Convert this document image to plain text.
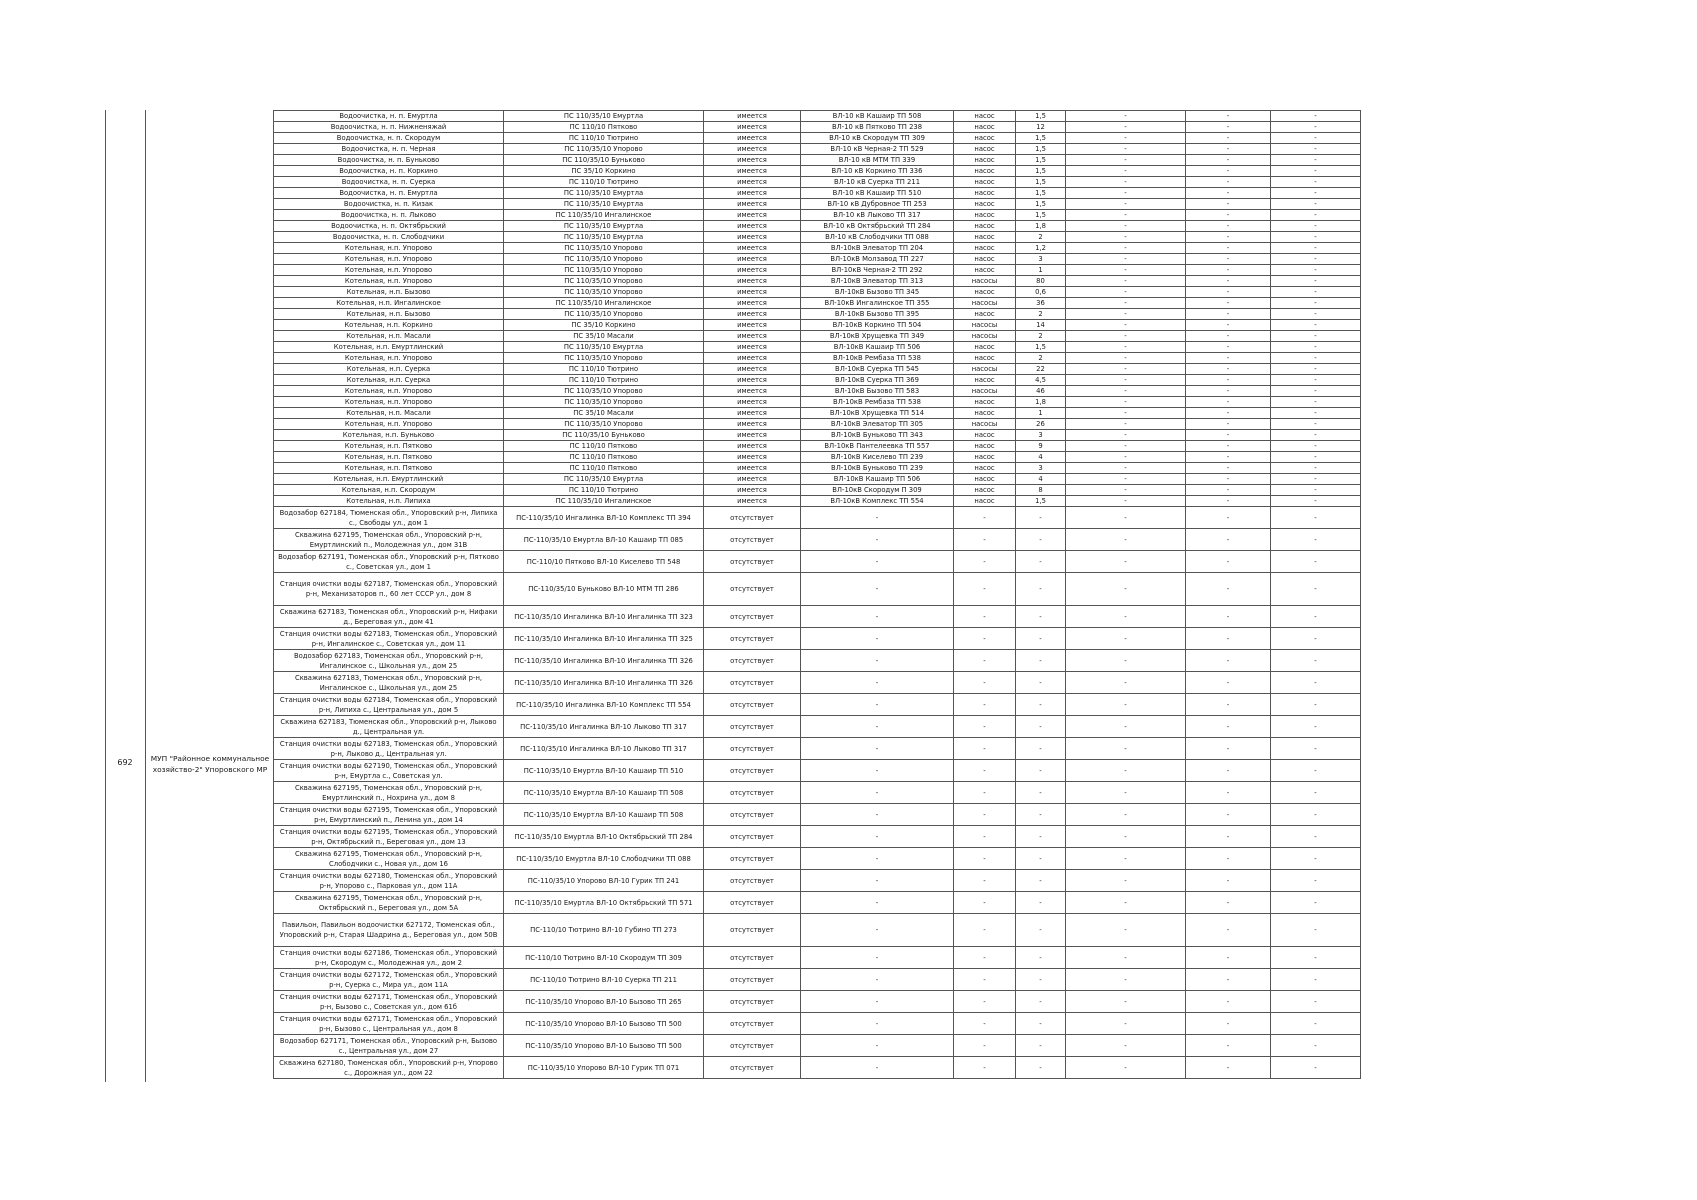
692	МУП "Районное коммунальное хозяйство-2" Упоровского МР
Водоочистка, н. п. Емуртла	ПС 110/35/10 Емуртла	имеется	ВЛ-10 кВ Кашаир ТП 508	насос	1,5	-	-	-
Водоочистка, н. п. Нижненяжай	ПС 110/10 Пятково	имеется	ВЛ-10 кВ Пятково ТП 238	насос	12	-	-	-
Водоочистка, н. п. Скородум	ПС 110/10 Тютрино	имеется	ВЛ-10 кВ Скородум ТП 309	насос	1,5	-	-	-
Водоочистка, н. п. Черная	ПС 110/35/10 Упорово	имеется	ВЛ-10 кВ Черная-2 ТП 529	насос	1,5	-	-	-
Водоочистка, н. п. Буньково	ПС 110/35/10 Буньково	имеется	ВЛ-10 кВ МТМ ТП 339	насос	1,5	-	-	-
Водоочистка, н. п. Коркино	ПС 35/10 Коркино	имеется	ВЛ-10 кВ Коркино ТП 336	насос	1,5	-	-	-
Водоочистка, н. п. Суерка	ПС 110/10 Тютрино	имеется	ВЛ-10 кВ Суерка ТП 211	насос	1,5	-	-	-
Водоочистка, н. п. Емуртла	ПС 110/35/10 Емуртла	имеется	ВЛ-10 кВ Кашаир ТП 510	насос	1,5	-	-	-
Водоочистка, н. п. Кизак	ПС 110/35/10 Емуртла	имеется	ВЛ-10 кВ Дубровное ТП 253	насос	1,5	-	-	-
Водоочистка, н. п. Лыково	ПС 110/35/10 Ингалинское	имеется	ВЛ-10 кВ Лыково ТП 317	насос	1,5	-	-	-
Водоочистка, н. п. Октябрьский	ПС 110/35/10 Емуртла	имеется	ВЛ-10 кВ Октябрьский ТП 284	насос	1,8	-	-	-
Водоочистка, н. п. Слободчики	ПС 110/35/10 Емуртла	имеется	ВЛ-10 кВ Слободчики ТП 088	насос	2	-	-	-
Котельная, н.п. Упорово	ПС 110/35/10 Упорово	имеется	ВЛ-10кВ Элеватор ТП 204	насос	1,2	-	-	-
Котельная, н.п. Упорово	ПС 110/35/10 Упорово	имеется	ВЛ-10кВ Молзавод ТП 227	насос	3	-	-	-
Котельная, н.п. Упорово	ПС 110/35/10 Упорово	имеется	ВЛ-10кВ Черная-2 ТП 292	насос	1	-	-	-
Котельная, н.п. Упорово	ПС 110/35/10 Упорово	имеется	ВЛ-10кВ Элеватор ТП 313	насосы	80	-	-	-
Котельная, н.п. Бызово	ПС 110/35/10 Упорово	имеется	ВЛ-10кВ Бызово ТП 345	насос	0,6	-	-	-
Котельная, н.п. Ингалинское	ПС 110/35/10 Ингалинское	имеется	ВЛ-10кВ Ингалинское ТП 355	насосы	36	-	-	-
Котельная, н.п. Бызово	ПС 110/35/10 Упорово	имеется	ВЛ-10кВ Бызово ТП 395	насос	2	-	-	-
Котельная, н.п. Коркино	ПС 35/10 Коркино	имеется	ВЛ-10кВ Коркино ТП 504	насосы	14	-	-	-
Котельная, н.п. Масали	ПС 35/10 Масали	имеется	ВЛ-10кВ Хрущевка ТП 349	насосы	2	-	-	-
Котельная, н.п. Емуртлинский	ПС 110/35/10 Емуртла	имеется	ВЛ-10кВ Кашаир ТП 506	насос	1,5	-	-	-
Котельная, н.п. Упорово	ПС 110/35/10 Упорово	имеется	ВЛ-10кВ Рембаза ТП 538	насос	2	-	-	-
Котельная, н.п. Суерка	ПС 110/10 Тютрино	имеется	ВЛ-10кВ Суерка ТП 545	насосы	22	-	-	-
Котельная, н.п. Суерка	ПС 110/10 Тютрино	имеется	ВЛ-10кВ Суерка ТП 369	насос	4,5	-	-	-
Котельная, н.п. Упорово	ПС 110/35/10 Упорово	имеется	ВЛ-10кВ Бызово ТП 583	насосы	46	-	-	-
Котельная, н.п. Упорово	ПС 110/35/10 Упорово	имеется	ВЛ-10кВ Рембаза ТП 538	насос	1,8	-	-	-
Котельная, н.п. Масали	ПС 35/10 Масали	имеется	ВЛ-10кВ Хрущевка ТП 514	насос	1	-	-	-
Котельная, н.п. Упорово	ПС 110/35/10 Упорово	имеется	ВЛ-10кВ Элеватор ТП 305	насосы	26	-	-	-
Котельная, н.п. Буньково	ПС 110/35/10 Буньково	имеется	ВЛ-10кВ Буньково ТП 343	насос	3	-	-	-
Котельная, н.п. Пятково	ПС 110/10 Пятково	имеется	ВЛ-10кВ Пантелеевка ТП 557	насос	9	-	-	-
Котельная, н.п. Пятково	ПС 110/10 Пятково	имеется	ВЛ-10кВ Киселево ТП 239	насос	4	-	-	-
Котельная, н.п. Пятково	ПС 110/10 Пятково	имеется	ВЛ-10кВ Буньково ТП 239	насос	3	-	-	-
Котельная, н.п. Емуртлинский	ПС 110/35/10 Емуртла	имеется	ВЛ-10кВ Кашаир ТП 506	насос	4	-	-	-
Котельная, н.п. Скородум	ПС 110/10 Тютрино	имеется	ВЛ-10кВ Скородум П 309	насос	8	-	-	-
Котельная, н.п. Липиха	ПС 110/35/10 Ингалинское	имеется	ВЛ-10кВ Комплекс ТП 554	насос	1,5	-	-	-
Водозабор 627184, Тюменская обл., Упоровский р-н, Липиха с., Свободы ул., дом 1	ПС-110/35/10 Ингалинка ВЛ-10 Комплекс ТП 394	отсутствует	-	-	-	-	-	-
Скважина 627195, Тюменская обл., Упоровский р-н, Емуртлинский п., Молодежная ул., дом 31В	ПС-110/35/10 Емуртла ВЛ-10 Кашаир ТП 085	отсутствует	-	-	-	-	-	-
Водозабор 627191, Тюменская обл., Упоровский р-н, Пятково с., Советская ул., дом 1	ПС-110/10 Пятково ВЛ-10 Киселево ТП 548	отсутствует	-	-	-	-	-	-
Станция очистки воды 627187, Тюменская обл., Упоровский р-н, Механизаторов п., 60 лет СССР ул., дом 8	ПС-110/35/10 Буньково ВЛ-10 МТМ ТП 286	отсутствует	-	-	-	-	-	-
Скважина 627183, Тюменская обл., Упоровский р-н, Нифаки д., Береговая ул., дом 41	ПС-110/35/10 Ингалинка ВЛ-10 Ингалинка ТП 323	отсутствует	-	-	-	-	-	-
Станция очистки воды 627183, Тюменская обл., Упоровский р-н, Ингалинское с., Советская ул., дом 11	ПС-110/35/10 Ингалинка ВЛ-10 Ингалинка ТП 325	отсутствует	-	-	-	-	-	-
Водозабор 627183, Тюменская обл., Упоровский р-н, Ингалинское с., Школьная ул., дом 25	ПС-110/35/10 Ингалинка ВЛ-10 Ингалинка ТП 326	отсутствует	-	-	-	-	-	-
Скважина 627183, Тюменская обл., Упоровский р-н, Ингалинское с., Школьная ул., дом 25	ПС-110/35/10 Ингалинка ВЛ-10 Ингалинка ТП 326	отсутствует	-	-	-	-	-	-
Станция очистки воды 627184, Тюменская обл., Упоровский р-н, Липиха с., Центральная ул., дом 5	ПС-110/35/10 Ингалинка ВЛ-10 Комплекс ТП 554	отсутствует	-	-	-	-	-	-
Скважина 627183, Тюменская обл., Упоровский р-н, Лыково д., Центральная ул.	ПС-110/35/10 Ингалинка ВЛ-10 Лыково ТП 317	отсутствует	-	-	-	-	-	-
Станция очистки воды 627183, Тюменская обл., Упоровский р-н, Лыково д., Центральная ул.	ПС-110/35/10 Ингалинка ВЛ-10 Лыково ТП 317	отсутствует	-	-	-	-	-	-
Станция очистки воды 627190, Тюменская обл., Упоровский р-н, Емуртла с., Советская ул.	ПС-110/35/10 Емуртла ВЛ-10 Кашаир ТП 510	отсутствует	-	-	-	-	-	-
Скважина 627195, Тюменская обл., Упоровский р-н, Емуртлинский п., Нохрина ул., дом 8	ПС-110/35/10 Емуртла ВЛ-10 Кашаир ТП 508	отсутствует	-	-	-	-	-	-
Станция очистки воды 627195, Тюменская обл., Упоровский р-н, Емуртлинский п., Ленина ул., дом 14	ПС-110/35/10 Емуртла ВЛ-10 Кашаир ТП 508	отсутствует	-	-	-	-	-	-
Станция очистки воды 627195, Тюменская обл., Упоровский р-н, Октябрьский п., Береговая ул., дом 13	ПС-110/35/10 Емуртла ВЛ-10 Октябрьский ТП 284	отсутствует	-	-	-	-	-	-
Скважина 627195, Тюменская обл., Упоровский р-н, Слободчики с., Новая ул., дом 16	ПС-110/35/10 Емуртла ВЛ-10 Слободчики ТП 088	отсутствует	-	-	-	-	-	-
Станция очистки воды 627180, Тюменская обл., Упоровский р-н, Упорово с., Парковая ул., дом 11А	ПС-110/35/10 Упорово ВЛ-10 Гурик ТП 241	отсутствует	-	-	-	-	-	-
Скважина 627195, Тюменская обл., Упоровский р-н, Октябрьский п., Береговая ул., дом 5А	ПС-110/35/10 Емуртла ВЛ-10 Октябрьский ТП 571	отсутствует	-	-	-	-	-	-
Павильон, Павильон водоочистки 627172, Тюменская обл., Упоровский р-н, Старая Шадрина д., Береговая ул., дом 50В	ПС-110/10 Тютрино ВЛ-10 Губино ТП 273	отсутствует	-	-	-	-	-	-
Станция очистки воды 627186, Тюменская обл., Упоровский р-н, Скородум с., Молодежная ул., дом 2	ПС-110/10 Тютрино ВЛ-10 Скородум ТП 309	отсутствует	-	-	-	-	-	-
Станция очистки воды 627172, Тюменская обл., Упоровский р-н, Суерка с., Мира ул., дом 11А	ПС-110/10 Тютрино ВЛ-10 Суерка ТП 211	отсутствует	-	-	-	-	-	-
Станция очистки воды 627171, Тюменская обл., Упоровский р-н, Бызово с., Советская ул., дом 61б	ПС-110/35/10 Упорово ВЛ-10 Бызово ТП 265	отсутствует	-	-	-	-	-	-
Станция очистки воды 627171, Тюменская обл., Упоровский р-н, Бызово с., Центральная ул., дом 8	ПС-110/35/10 Упорово ВЛ-10 Бызово ТП 500	отсутствует	-	-	-	-	-	-
Водозабор 627171, Тюменская обл., Упоровский р-н, Бызово с., Центральная ул., дом 27	ПС-110/35/10 Упорово ВЛ-10 Бызово ТП 500	отсутствует	-	-	-	-	-	-
Скважина 627180, Тюменская обл., Упоровский р-н, Упорово с., Дорожная ул., дом 22	ПС-110/35/10 Упорово ВЛ-10 Гурик ТП 071	отсутствует	-	-	-	-	-	-
